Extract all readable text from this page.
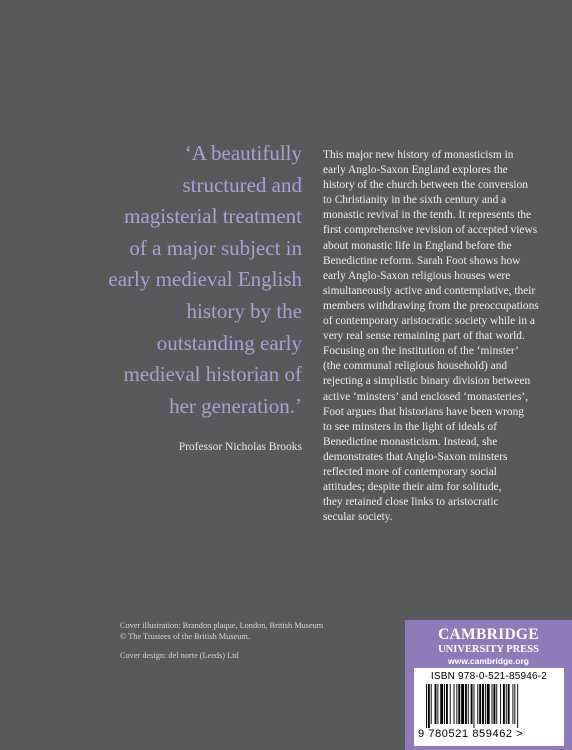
‘A beautifully
structured and
magisterial treatment
of a major subject in
early medieval English
history by the
outstanding early
medieval historian of
her generation.’
Professor Nicholas Brooks
This major new history of monasticism in
early Anglo-Saxon England explores the
history of the church between the conversion
to Christianity in the sixth century and a
monastic revival in the tenth. It represents the
first comprehensive revision of accepted views
about monastic life in England before the
Benedictine reform. Sarah Foot shows how
early Anglo-Saxon religious houses were
simultaneously active and contemplative, their
members withdrawing from the preoccupations
of contemporary aristocratic society while in a
very real sense remaining part of that world.
Focusing on the institution of the ‘minster’
(the communal religious household) and
rejecting a simplistic binary division between
active ‘minsters’ and enclosed ‘monasteries’,
Foot argues that historians have been wrong
to see minsters in the light of ideals of
Benedictine monasticism. Instead, she
demonstrates that Anglo-Saxon minsters
reflected more of contemporary social
attitudes; despite their aim for solitude,
they retained close links to aristocratic
secular society.

Cover illustration: Brandon plaque, London, British Museum © The Trustees of the British Museum.

Cover design: del norte (Leeds) Ltd

CAMBRIDGE
UNIVERSITY PRESS
www.cambridge.org
ISBN 978-0-521-85946-2
9 780521 859462 >
